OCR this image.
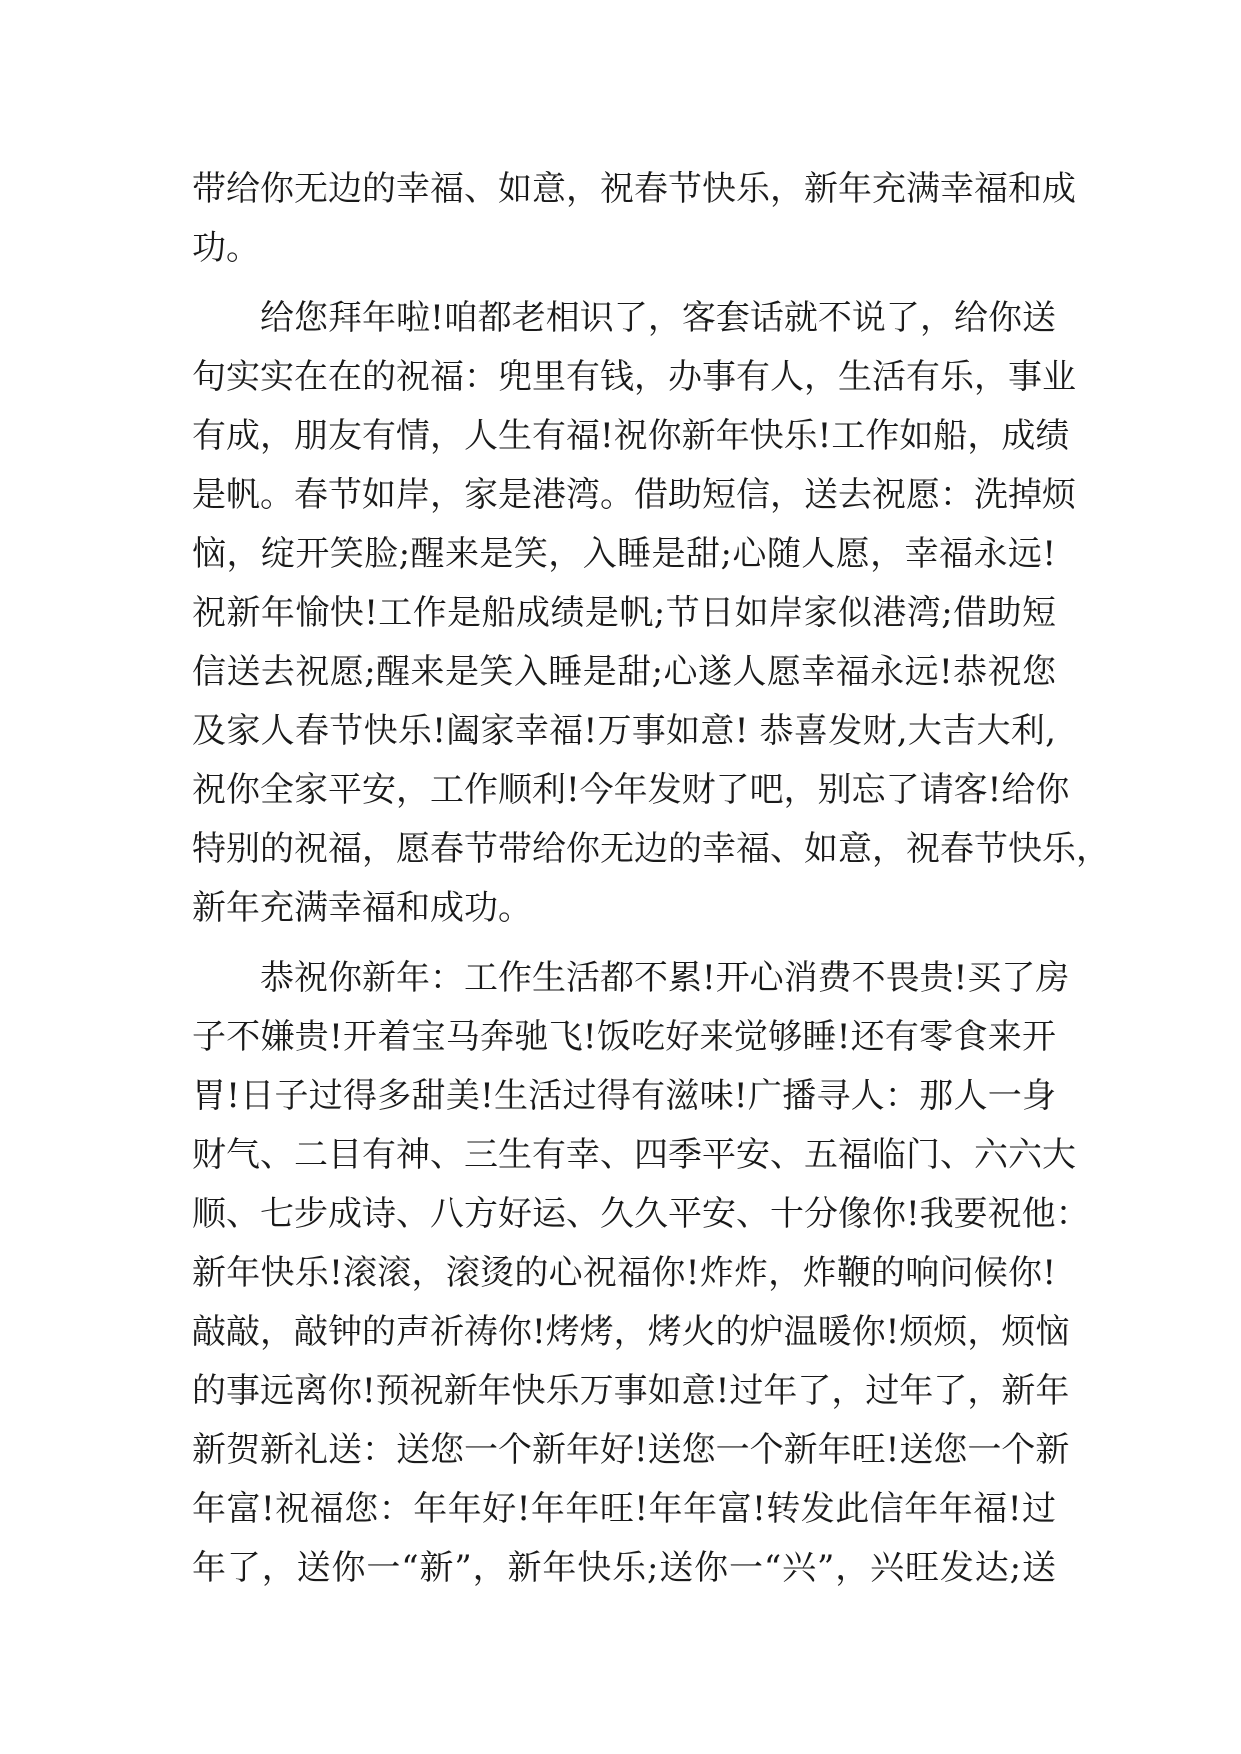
带给你无边的幸福、如意，祝春节快乐，新年充满幸福和成
功。
给您拜年啦!咱都老相识了，客套话就不说了，给你送
句实实在在的祝福：兜里有钱，办事有人，生活有乐，事业
有成，朋友有情，人生有福!祝你新年快乐!工作如船，成绩
是帆。春节如岸，家是港湾。借助短信，送去祝愿：洗掉烦
恼，绽开笑脸;醒来是笑，入睡是甜;心随人愿，幸福永远!
祝新年愉快!工作是船成绩是帆;节日如岸家似港湾;借助短
信送去祝愿;醒来是笑入睡是甜;心遂人愿幸福永远!恭祝您
及家人春节快乐!阖家幸福!万事如意! 恭喜发财,大吉大利,
祝你全家平安，工作顺利!今年发财了吧，别忘了请客!给你
特别的祝福，愿春节带给你无边的幸福、如意，祝春节快乐，
新年充满幸福和成功。
恭祝你新年：工作生活都不累!开心消费不畏贵!买了房
子不嫌贵!开着宝马奔驰飞!饭吃好来觉够睡!还有零食来开
胃!日子过得多甜美!生活过得有滋味!广播寻人：那人一身
财气、二目有神、三生有幸、四季平安、五福临门、六六大
顺、七步成诗、八方好运、久久平安、十分像你!我要祝他：
新年快乐!滚滚，滚烫的心祝福你!炸炸，炸鞭的响问候你!
敲敲，敲钟的声祈祷你!烤烤，烤火的炉温暖你!烦烦，烦恼
的事远离你!预祝新年快乐万事如意!过年了，过年了，新年
新贺新礼送：送您一个新年好!送您一个新年旺!送您一个新
年富!祝福您：年年好!年年旺!年年富!转发此信年年福!过
年了，送你一“新”，新年快乐;送你一“兴”，兴旺发达;送
